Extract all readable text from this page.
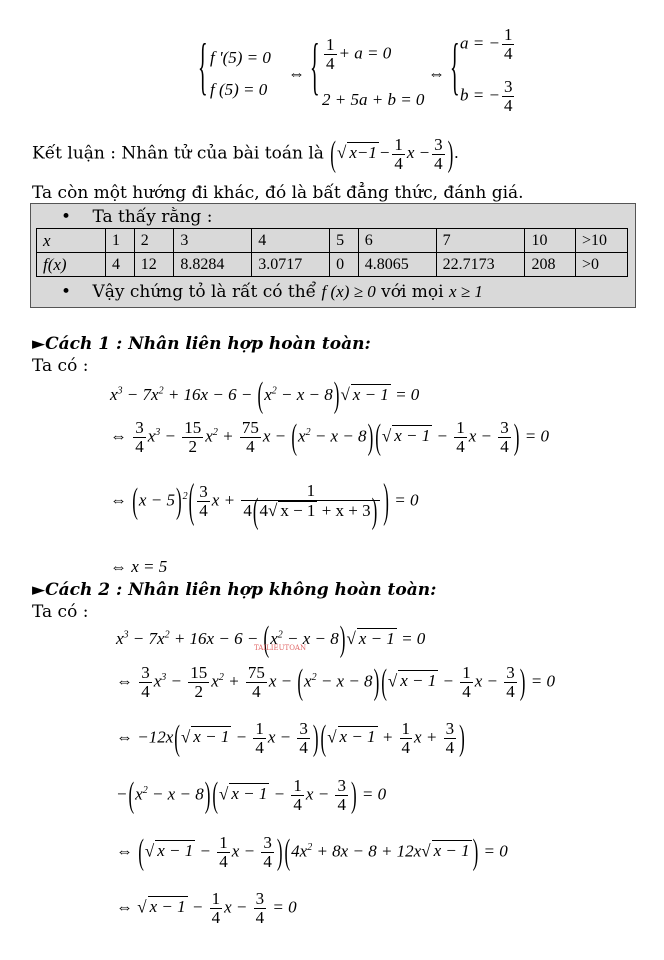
{ f '(5) = 0
f (5) = 0
⇔ { $\frac{1}{4} + a = 0$
2 + 5a + b = 0
⇔ { a = − $\frac{1}{4}$
b = − $\frac{3}{4}$
Kết luận : Nhân tử của bài toán là (√ $x-1 - \frac{1}{4}$ $x - \frac{3}{4}$ ).
Ta còn một hướng đi khác, đó là bất đẳng thức, đánh giá.
• Ta thấy rằng :
x	1	2	3	4	5	6	7	10	>10
f(x)	4	12	8.8284	3.0717	0	4.8065	22.7173	208	>0
• Vậy chứng tỏ là rất có thể f (x) ≥ 0 với mọi x ≥ 1
►Cách 1 : Nhân liên hợp hoàn toàn:
Ta có :
$x^3 - 7x^2 + 16x - 6 - (x^2 - x - 8)√$ x − 1 = 0
⇔ $\frac{3}{4} x^3 - \frac{15}{2} x^2 + \frac{75}{4}$ $x - (x^2 - x - 8)$ (√ $x - 1 - \frac{1}{4}$ $x - \frac{3}{4}$ ) = 0
⇔ $(x - 5)^2( \frac{3}{4}$ $x + \frac{1}{4(4√ x - 1 + x + 3)}$ ) = 0
⇔ x = 5
►Cách 2 : Nhân liên hợp không hoàn toàn:
Ta có :
$x^3 - 7x^2 + 16x - 6 - (x^2 - x - 8)√$ x − 1 = 0
TAILIEUTOAN
⇔ $\frac{3}{4} x^3 - \frac{15}{2} x^2 + \frac{75}{4}$ $x - (x^2 - x - 8)$ (√ $x - 1 - \frac{1}{4}$ $x - \frac{3}{4}$ ) = 0
⇔ −12x(√ $x - 1 - \frac{1}{4}$ $x - \frac{3}{4}$ ) (√ $x - 1 + \frac{1}{4}$ $x + \frac{3}{4}$ )
$-(x^2 - x - 8)$ (√ $x - 1 - \frac{1}{4}$ $x - \frac{3}{4}$ ) = 0
⇔ (√ $x - 1 - \frac{1}{4}$ $x - \frac{3}{4}$ ) ($4x^2 + 8x - 8 + 12x√$ x − 1 ) = 0
⇔ √ $x - 1 - \frac{1}{4}$ $x - \frac{3}{4} = 0$
